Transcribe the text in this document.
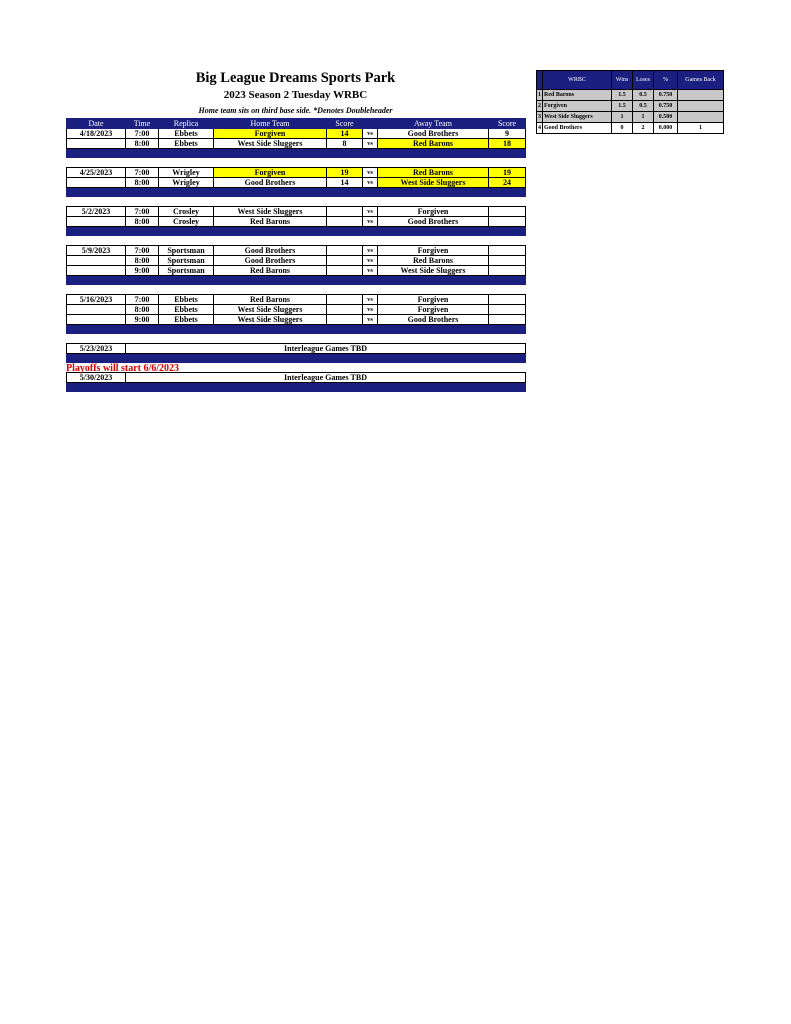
Big League Dreams Sports Park
2023 Season 2 Tuesday WRBC
Home team sits on third base side. *Denotes Doubleheader
Date	Time	Replica	Home Team	Score		Away Team	Score
4/18/2023	7:00	Ebbets	Forgiven	14	vs	Good Brothers	9
	8:00	Ebbets	West Side Sluggers	8	vs	Red Barons	18

4/25/2023	7:00	Wrigley	Forgiven	19	vs	Red Barons	19
	8:00	Wrigley	Good Brothers	14	vs	West Side Sluggers	24

5/2/2023	7:00	Crosley	West Side Sluggers		vs	Forgiven	
	8:00	Crosley	Red Barons		vs	Good Brothers	

5/9/2023	7:00	Sportsman	Good Brothers		vs	Forgiven	
	8:00	Sportsman	Good Brothers		vs	Red Barons	
	9:00	Sportsman	Red Barons		vs	West Side Sluggers	

5/16/2023	7:00	Ebbets	Red Barons		vs	Forgiven	
	8:00	Ebbets	West Side Sluggers		vs	Forgiven	
	9:00	Ebbets	West Side Sluggers		vs	Good Brothers	

5/23/2023	Interleague Games TBD						

5/30/2023	Interleague Games TBD						

Playoffs will start 6/6/2023
	WRBC	Wins	Loses	%	Games Back
1	Red Barons	1.5	0.5	0.750	
2	Forgiven	1.5	0.5	0.750	
3	West Side Sluggers	1	1	0.500	
4	Good Brothers	0	2	0.000	1
